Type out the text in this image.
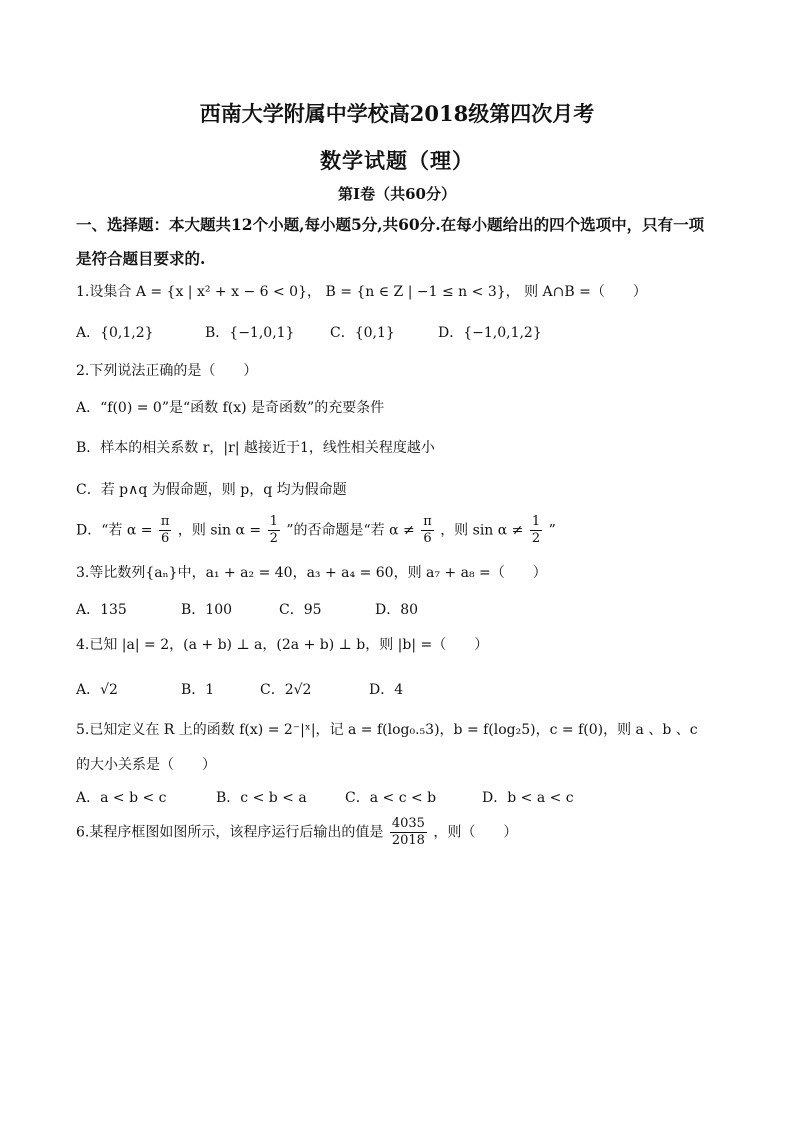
西南大学附属中学校高2018级第四次月考
数学试题（理）
第Ⅰ卷（共60分）
一、选择题：本大题共12个小题,每小题5分,共60分.在每小题给出的四个选项中，只有一项
是符合题目要求的.
1.设集合 A = {x | x² + x − 6 < 0}， B = {n ∈ Z | −1 ≤ n < 3}， 则 A∩B =（　　）
A．{0,1,2}	B．{−1,0,1}	C．{0,1}	D．{−1,0,1,2}
2.下列说法正确的是（　　）
A．“f(0) = 0”是“函数 f(x) 是奇函数”的充要条件
B．样本的相关系数 r，|r| 越接近于1，线性相关程度越小
C．若 p∧q 为假命题，则 p，q 均为假命题
D．“若 $\alpha = \frac{\pi}{6}$ ，则 $\sin \alpha = \frac{1}{2}$ ”的否命题是“若 $\alpha \ne \frac{\pi}{6}$ ，则 $\sin \alpha \ne \frac{1}{2}$ ”
3.等比数列{aₙ}中，a₁ + a₂ = 40，a₃ + a₄ = 60，则 a₇ + a₈ =（　　）
A．135	B．100	C．95	D．80
4.已知 |a| = 2，(a + b) ⊥ a，(2a + b) ⊥ b，则 |b| =（　　）
A．√2	B．1	C．2√2	D．4
5.已知定义在 R 上的函数 f(x) = 2⁻|ˣ|，记 a = f(log₀.₅3)，b = f(log₂5)，c = f(0)，则 a 、b 、c
的大小关系是（　　）
A．a < b < c	B．c < b < a	C．a < c < b	D．b < a < c
6.某程序框图如图所示，该程序运行后输出的值是 $\frac{4035}{2018}$ ，则（　　）
